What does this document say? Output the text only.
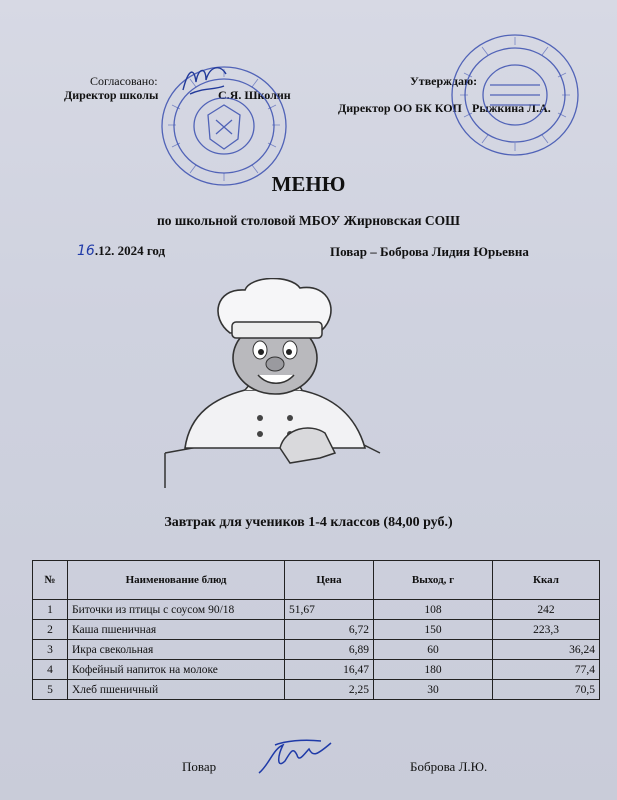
Согласовано:
Директор школы	С.Я. Школин
Утверждаю:
Директор ОО БК КОП Рыжкина Л.А.
МЕНЮ
по школьной столовой МБОУ Жирновская СОШ
16.12. 2024 год	Повар – Боброва Лидия Юрьевна
Завтрак для учеников 1-4 классов (84,00 руб.)
№	Наименование блюд	Цена	Выход, г	Ккал
1	Биточки из птицы с соусом 90/18	51,67	108	242
2	Каша пшеничная	6,72	150	223,3
3	Икра свекольная	6,89	60	36,24
4	Кофейный напиток на молоке	16,47	180	77,4
5	Хлеб пшеничный	2,25	30	70,5
Повар	Боброва Л.Ю.
